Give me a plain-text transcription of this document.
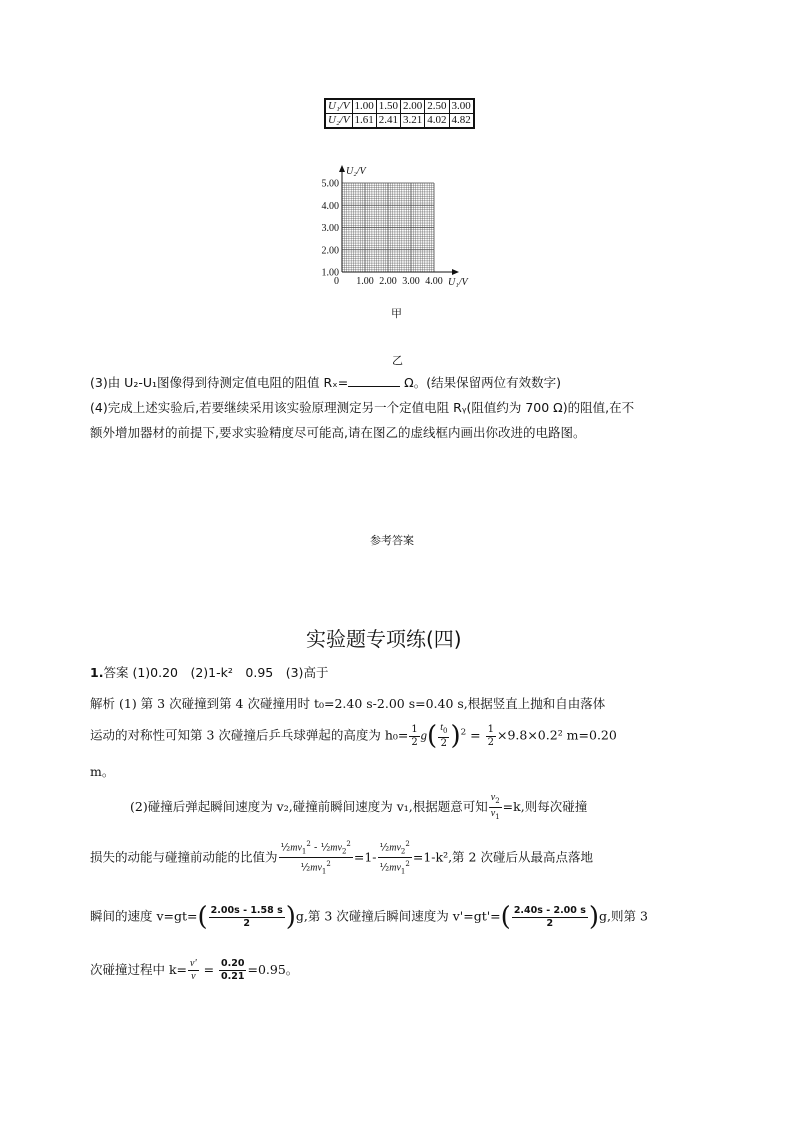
U₁/V	1.00	1.50	2.00	2.50	3.00
U₂/V	1.61	2.41	3.21	4.02	4.82
1.00
2.00
3.00
4.00
5.00
0 1.00 2.00 3.00 4.00
U₂/V
U₁/V
甲
乙
(3)由 U₂-U₁图像得到待测定值电阻的阻值 Rₓ=	Ω。(结果保留两位有效数字)
(4)完成上述实验后,若要继续采用该实验原理测定另一个定值电阻 Rᵧ(阻值约为 700 Ω)的阻值,在不
额外增加器材的前提下,要求实验精度尽可能高,请在图乙的虚线框内画出你改进的电路图。
参考答案
实验题专项练(四)
1.答案 (1)0.20　(2)1-k²　0.95　(3)高于
解析 (1) 第 3 次碰撞到第 4 次碰撞用时 t₀=2.40 s-2.00 s=0.40 s,根据竖直上抛和自由落体
运动的对称性可知第 3 次碰撞后乒乓球弹起的高度为 $h_0= \frac{1}{2} g( \frac{t_0}{2} )^2 = \frac{1}{2} \times 9.8\times 0.2^2$ m=0.20
m。
(2)碰撞后弹起瞬间速度为 v₂,碰撞前瞬间速度为 v₁,根据题意可知 $\frac{v_2}{v_1} =k$,则每次碰撞
损失的动能与碰撞前动能的比值为 $\frac{\frac{1}{2}mv_1^2 - \frac{1}{2}mv_2^2}{\frac{1}{2}mv_1^2} =1- \frac{\frac{1}{2}mv_2^2}{\frac{1}{2}mv_1^2} =1-k^2$,第 2 次碰后从最高点落地
瞬间的速度 $v=gt=( \frac{2.00s - 1.58 s}{2} )g$,第 3 次碰撞后瞬间速度为 $v'=gt'=( \frac{2.40s - 2.00 s}{2} )g$,则第 3
次碰撞过程中 $k= \frac{v'}{v} = \frac{0.20}{0.21} =0.95$。
